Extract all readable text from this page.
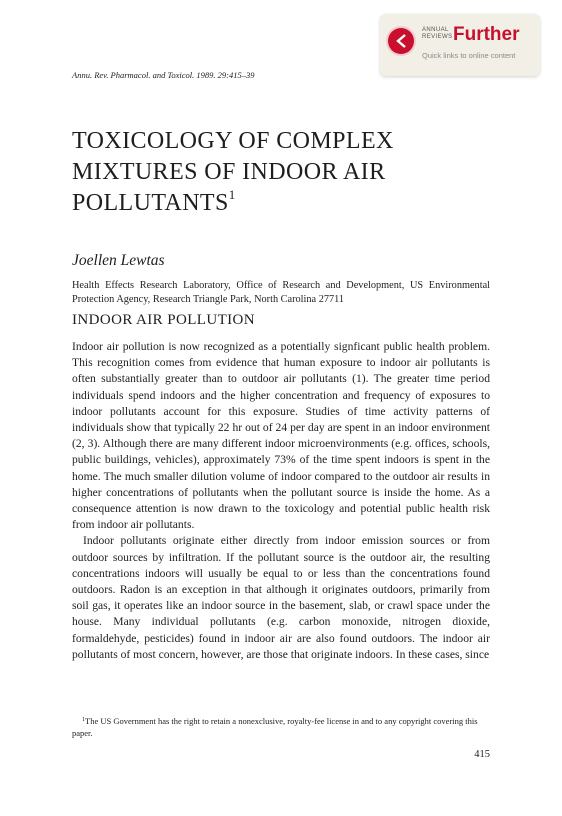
ANNUAL
REVIEWS Further
Quick links to online content
Annu. Rev. Pharmacol. and Toxicol. 1989. 29:415–39
TOXICOLOGY OF COMPLEX MIXTURES OF INDOOR AIR POLLUTANTS$^1$
Joellen Lewtas
Health Effects Research Laboratory, Office of Research and Development, US Environmental Protection Agency, Research Triangle Park, North Carolina 27711
INDOOR AIR POLLUTION

Indoor air pollution is now recognized as a potentially signficant public health problem. This recognition comes from evidence that human exposure to indoor air pollutants is often substantially greater than to outdoor air pollutants (1). The greater time period individuals spend indoors and the higher concentration and frequency of exposures to indoor pollutants account for this exposure. Studies of time activity patterns of individuals show that typically 22 hr out of 24 per day are spent in an indoor environment (2, 3). Although there are many different indoor microenvironments (e.g. offices, schools, public buildings, vehicles), approximately 73% of the time spent indoors is spent in the home. The much smaller dilution volume of indoor compared to the outdoor air results in higher concentrations of pollutants when the pollutant source is inside the home. As a consequence attention is now drawn to the toxicology and potential public health risk from indoor air pollutants.

Indoor pollutants originate either directly from indoor emission sources or from outdoor sources by infiltration. If the pollutant source is the outdoor air, the resulting concentrations indoors will usually be equal to or less than the concentrations found outdoors. Radon is an exception in that although it originates outdoors, primarily from soil gas, it operates like an indoor source in the basement, slab, or crawl space under the house. Many individual pollutants (e.g. carbon monoxide, nitrogen dioxide, formaldehyde, pesticides) found in indoor air are also found outdoors. The indoor air pollutants of most concern, however, are those that originate indoors. In these cases, since

$^1$The US Government has the right to retain a nonexclusive, royalty-fee license in and to any copyright covering this paper.
415
